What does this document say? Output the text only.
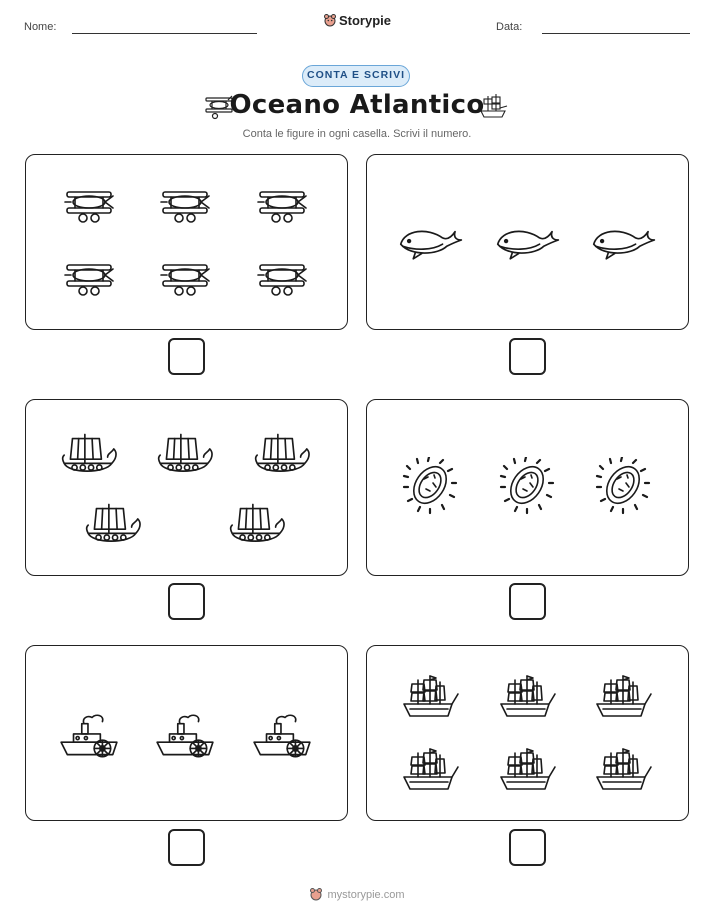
Nome:	Storypie	Data:
CONTA E SCRIVI
Oceano Atlantico
Conta le figure in ogni casella. Scrivi il numero.
mystorypie.com
